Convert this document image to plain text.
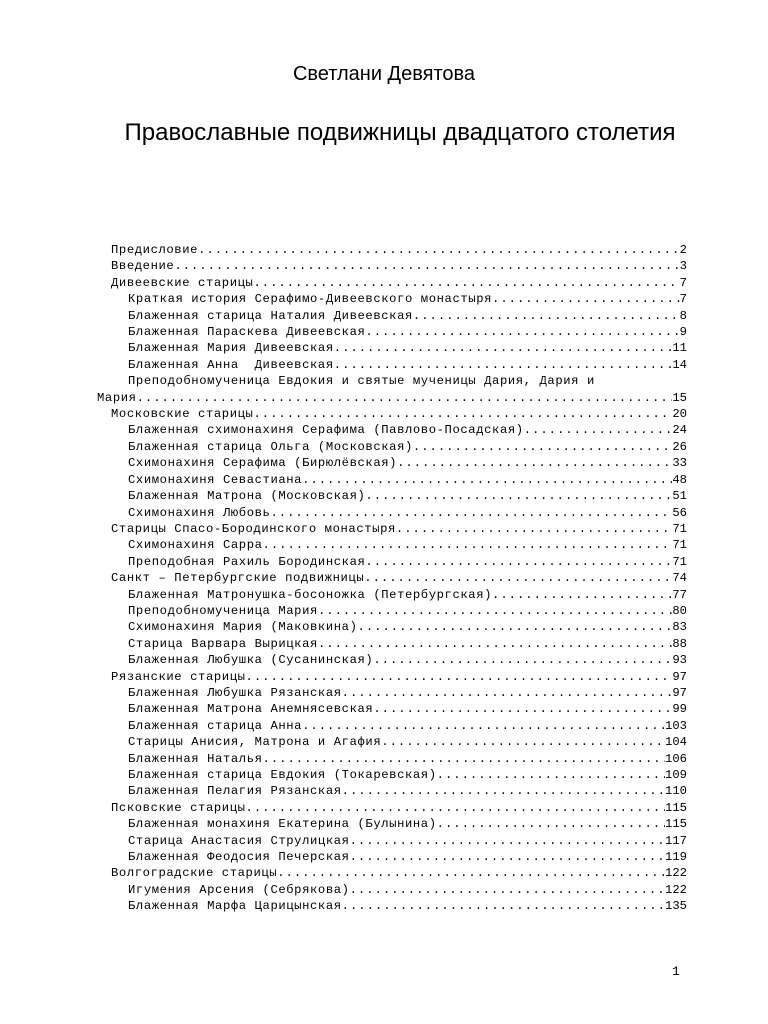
Светлани Девятова
Православные подвижницы двадцатого столетия
Предисловие .....	2
Введение .....	3
Дивеевские старицы .....	7
Краткая история Серафимо-Дивеевского монастыря .....	7
Блаженная старица Наталия Дивеевская .....	8
Блаженная Параскева Дивеевская .....	9
Блаженная Мария Дивеевская .....	11
Блаженная Анна  Дивеевская .....	14
Преподобномученица Евдокия и святые мученицы Дария, Дария и
Мария .....	15
Московские старицы .....	20
Блаженная схимонахиня Серафима (Павлово-Посадская) .....	24
Блаженная старица Ольга (Московская) .....	26
Схимонахиня Серафима (Бирюлёвская) .....	33
Схимонахиня Севастиана .....	48
Блаженная Матрона (Московская) .....	51
Схимонахиня Любовь .....	56
Старицы Спасо-Бородинского монастыря .....	71
Схимонахиня Сарра .....	71
Преподобная Рахиль Бородинская .....	71
Санкт – Петербургские подвижницы .....	74
Блаженная Матронушка-босоножка (Петербургская) .....	77
Преподобномученица Мария .....	80
Схимонахиня Мария (Маковкина) .....	83
Старица Варвара Вырицкая .....	88
Блаженная Любушка (Сусанинская) .....	93
Рязанские старицы .....	97
Блаженная Любушка Рязанская .....	97
Блаженная Матрона Анемнясевская .....	99
Блаженная старица Анна .....	103
Старицы Анисия, Матрона и Агафия .....	104
Блаженная Наталья .....	106
Блаженная старица Евдокия (Токаревская) .....	109
Блаженная Пелагия Рязанская .....	110
Псковские старицы .....	115
Блаженная монахиня Екатерина (Булынина) .....	115
Старица Анастасия Струлицкая .....	117
Блаженная Феодосия Печерская .....	119
Волгоградские старицы .....	122
Игумения Арсения (Себрякова) .....	122
Блаженная Марфа Царицынская .....	135
1
